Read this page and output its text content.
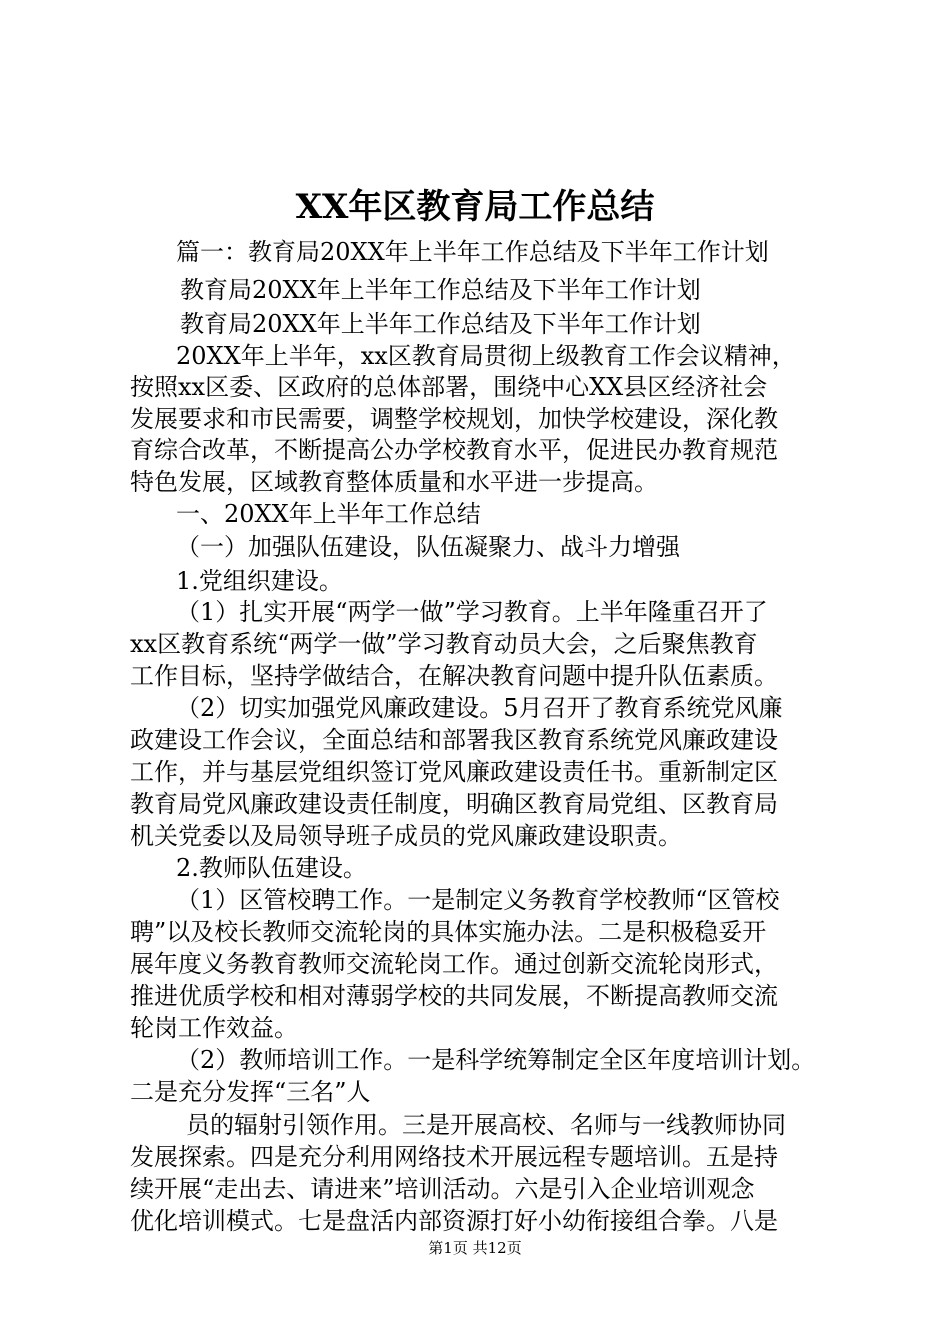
XX年区教育局工作总结
篇一：教育局20XX年上半年工作总结及下半年工作计划
教育局20XX年上半年工作总结及下半年工作计划
教育局20XX年上半年工作总结及下半年工作计划
20XX年上半年，xx区教育局贯彻上级教育工作会议精神，
按照xx区委、区政府的总体部署，围绕中心XX县区经济社会
发展要求和市民需要，调整学校规划，加快学校建设，深化教
育综合改革，不断提高公办学校教育水平，促进民办教育规范
特色发展，区域教育整体质量和水平进一步提高。
一、20XX年上半年工作总结
（一）加强队伍建设，队伍凝聚力、战斗力增强
1.党组织建设。
（1）扎实开展“两学一做”学习教育。上半年隆重召开了
xx区教育系统“两学一做”学习教育动员大会，之后聚焦教育
工作目标，坚持学做结合，在解决教育问题中提升队伍素质。
（2）切实加强党风廉政建设。5月召开了教育系统党风廉
政建设工作会议，全面总结和部署我区教育系统党风廉政建设
工作，并与基层党组织签订党风廉政建设责任书。重新制定区
教育局党风廉政建设责任制度，明确区教育局党组、区教育局
机关党委以及局领导班子成员的党风廉政建设职责。
2.教师队伍建设。
（1）区管校聘工作。一是制定义务教育学校教师“区管校
聘”以及校长教师交流轮岗的具体实施办法。二是积极稳妥开
展年度义务教育教师交流轮岗工作。通过创新交流轮岗形式，
推进优质学校和相对薄弱学校的共同发展，不断提高教师交流
轮岗工作效益。
（2）教师培训工作。一是科学统筹制定全区年度培训计划。
二是充分发挥“三名”人
员的辐射引领作用。三是开展高校、名师与一线教师协同
发展探索。四是充分利用网络技术开展远程专题培训。五是持
续开展“走出去、请进来”培训活动。六是引入企业培训观念
优化培训模式。七是盘活内部资源打好小幼衔接组合拳。八是
第1页 共12页
